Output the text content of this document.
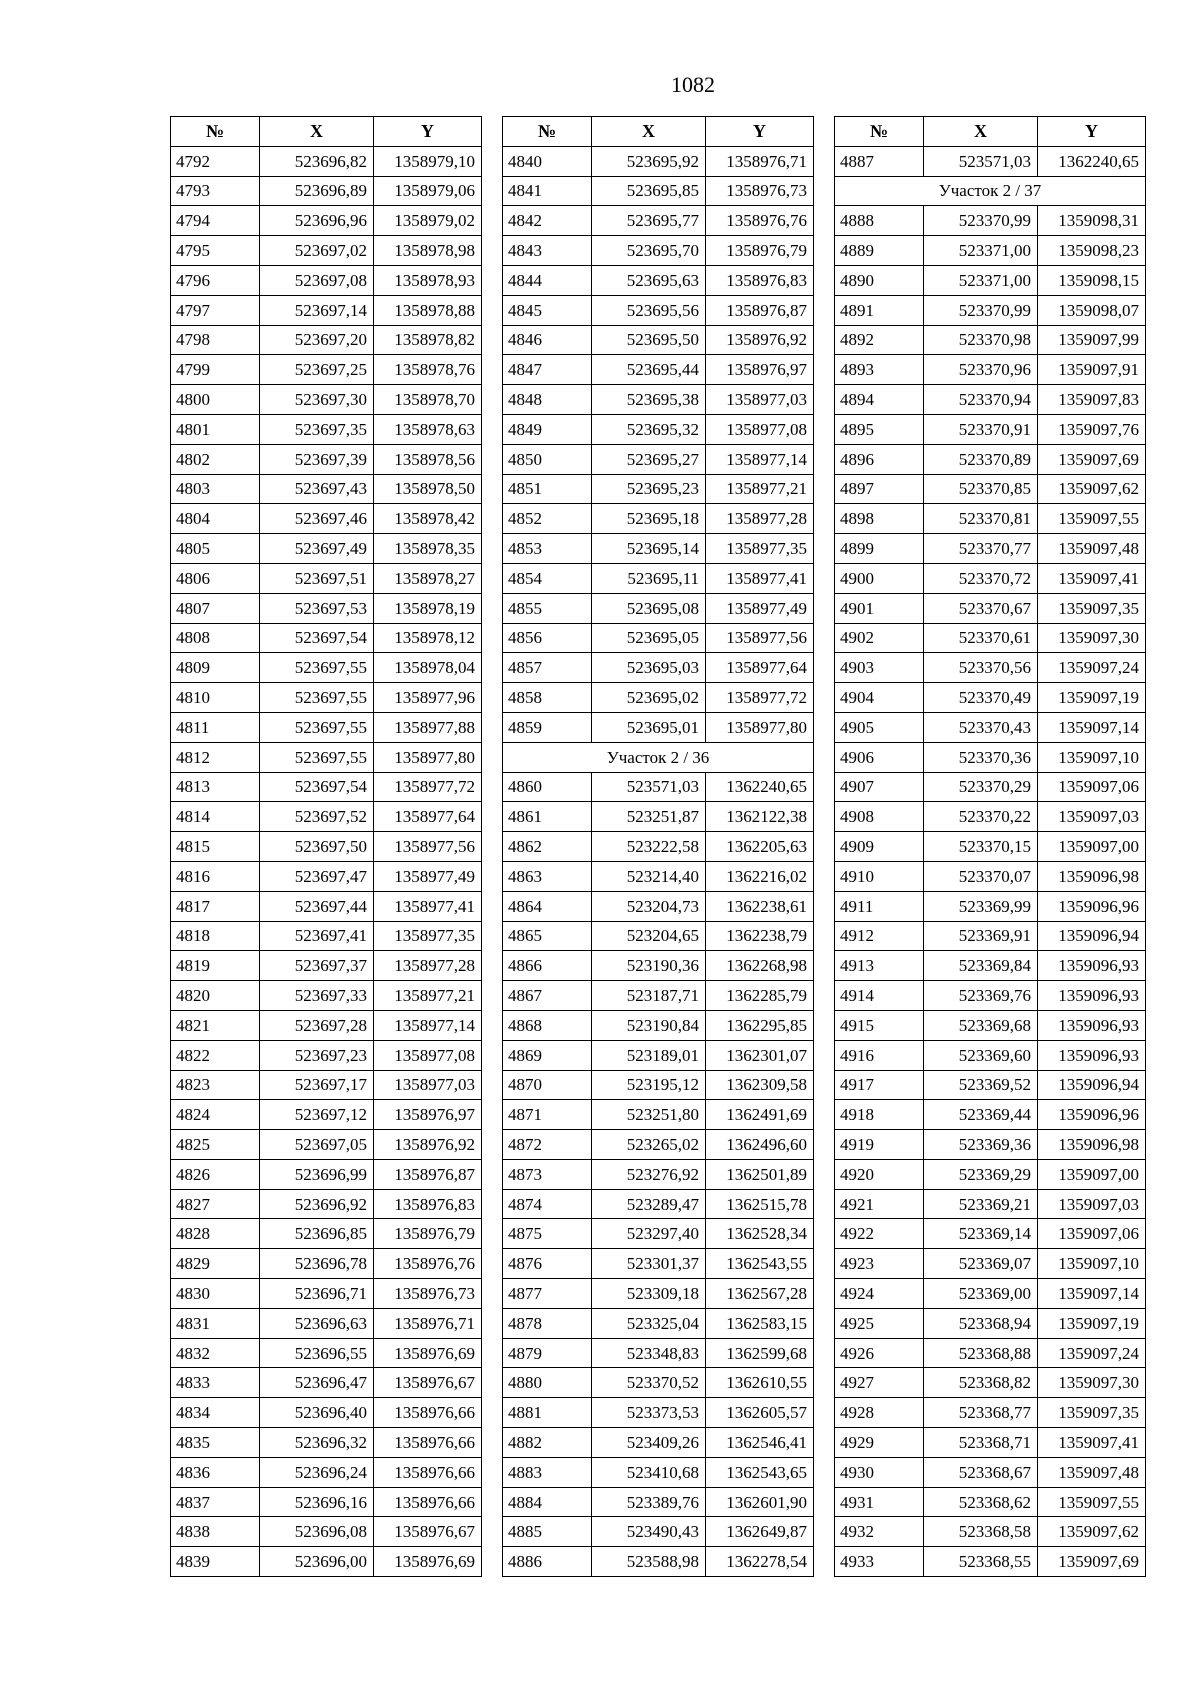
1082
№	X	Y
4792	523696,82	1358979,10
4793	523696,89	1358979,06
4794	523696,96	1358979,02
4795	523697,02	1358978,98
4796	523697,08	1358978,93
4797	523697,14	1358978,88
4798	523697,20	1358978,82
4799	523697,25	1358978,76
4800	523697,30	1358978,70
4801	523697,35	1358978,63
4802	523697,39	1358978,56
4803	523697,43	1358978,50
4804	523697,46	1358978,42
4805	523697,49	1358978,35
4806	523697,51	1358978,27
4807	523697,53	1358978,19
4808	523697,54	1358978,12
4809	523697,55	1358978,04
4810	523697,55	1358977,96
4811	523697,55	1358977,88
4812	523697,55	1358977,80
4813	523697,54	1358977,72
4814	523697,52	1358977,64
4815	523697,50	1358977,56
4816	523697,47	1358977,49
4817	523697,44	1358977,41
4818	523697,41	1358977,35
4819	523697,37	1358977,28
4820	523697,33	1358977,21
4821	523697,28	1358977,14
4822	523697,23	1358977,08
4823	523697,17	1358977,03
4824	523697,12	1358976,97
4825	523697,05	1358976,92
4826	523696,99	1358976,87
4827	523696,92	1358976,83
4828	523696,85	1358976,79
4829	523696,78	1358976,76
4830	523696,71	1358976,73
4831	523696,63	1358976,71
4832	523696,55	1358976,69
4833	523696,47	1358976,67
4834	523696,40	1358976,66
4835	523696,32	1358976,66
4836	523696,24	1358976,66
4837	523696,16	1358976,66
4838	523696,08	1358976,67
4839	523696,00	1358976,69
№	X	Y
4840	523695,92	1358976,71
4841	523695,85	1358976,73
4842	523695,77	1358976,76
4843	523695,70	1358976,79
4844	523695,63	1358976,83
4845	523695,56	1358976,87
4846	523695,50	1358976,92
4847	523695,44	1358976,97
4848	523695,38	1358977,03
4849	523695,32	1358977,08
4850	523695,27	1358977,14
4851	523695,23	1358977,21
4852	523695,18	1358977,28
4853	523695,14	1358977,35
4854	523695,11	1358977,41
4855	523695,08	1358977,49
4856	523695,05	1358977,56
4857	523695,03	1358977,64
4858	523695,02	1358977,72
4859	523695,01	1358977,80
Участок 2 / 36		
4860	523571,03	1362240,65
4861	523251,87	1362122,38
4862	523222,58	1362205,63
4863	523214,40	1362216,02
4864	523204,73	1362238,61
4865	523204,65	1362238,79
4866	523190,36	1362268,98
4867	523187,71	1362285,79
4868	523190,84	1362295,85
4869	523189,01	1362301,07
4870	523195,12	1362309,58
4871	523251,80	1362491,69
4872	523265,02	1362496,60
4873	523276,92	1362501,89
4874	523289,47	1362515,78
4875	523297,40	1362528,34
4876	523301,37	1362543,55
4877	523309,18	1362567,28
4878	523325,04	1362583,15
4879	523348,83	1362599,68
4880	523370,52	1362610,55
4881	523373,53	1362605,57
4882	523409,26	1362546,41
4883	523410,68	1362543,65
4884	523389,76	1362601,90
4885	523490,43	1362649,87
4886	523588,98	1362278,54
№	X	Y
4887	523571,03	1362240,65
Участок 2 / 37		
4888	523370,99	1359098,31
4889	523371,00	1359098,23
4890	523371,00	1359098,15
4891	523370,99	1359098,07
4892	523370,98	1359097,99
4893	523370,96	1359097,91
4894	523370,94	1359097,83
4895	523370,91	1359097,76
4896	523370,89	1359097,69
4897	523370,85	1359097,62
4898	523370,81	1359097,55
4899	523370,77	1359097,48
4900	523370,72	1359097,41
4901	523370,67	1359097,35
4902	523370,61	1359097,30
4903	523370,56	1359097,24
4904	523370,49	1359097,19
4905	523370,43	1359097,14
4906	523370,36	1359097,10
4907	523370,29	1359097,06
4908	523370,22	1359097,03
4909	523370,15	1359097,00
4910	523370,07	1359096,98
4911	523369,99	1359096,96
4912	523369,91	1359096,94
4913	523369,84	1359096,93
4914	523369,76	1359096,93
4915	523369,68	1359096,93
4916	523369,60	1359096,93
4917	523369,52	1359096,94
4918	523369,44	1359096,96
4919	523369,36	1359096,98
4920	523369,29	1359097,00
4921	523369,21	1359097,03
4922	523369,14	1359097,06
4923	523369,07	1359097,10
4924	523369,00	1359097,14
4925	523368,94	1359097,19
4926	523368,88	1359097,24
4927	523368,82	1359097,30
4928	523368,77	1359097,35
4929	523368,71	1359097,41
4930	523368,67	1359097,48
4931	523368,62	1359097,55
4932	523368,58	1359097,62
4933	523368,55	1359097,69
